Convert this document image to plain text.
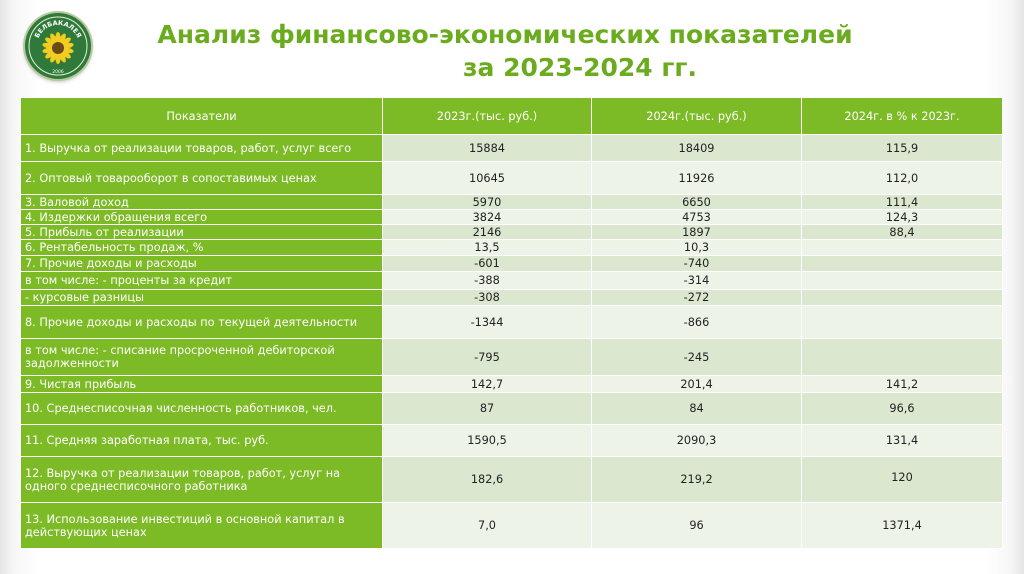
БЕЛБАКАЛЕЯ
2006
Анализ финансово-экономических показателей
за 2023-2024 гг.
Показатели	2023г.(тыс. руб.)	2024г.(тыс. руб.)	2024г. в % к 2023г.
1. Выручка от реализации товаров, работ, услуг всего	15884	18409	115,9
2. Оптовый товарооборот в сопоставимых ценах	10645	11926	112,0
3. Валовой доход	5970	6650	111,4
4. Издержки обращения всего	3824	4753	124,3
5. Прибыль от реализации	2146	1897	88,4
6. Рентабельность продаж, %	13,5	10,3	
7. Прочие доходы и расходы	-601	-740	
в том числе: - проценты за кредит	-388	-314	
- курсовые разницы	-308	-272	
8. Прочие доходы и расходы по текущей деятельности	-1344	-866	
в том числе: - списание просроченной дебиторской задолженности	-795	-245	
9. Чистая прибыль	142,7	201,4	141,2
10. Среднесписочная численность работников, чел.	87	84	96,6
11. Средняя заработная плата, тыс. руб.	1590,5	2090,3	131,4
12. Выручка от реализации товаров, работ, услуг на одного среднесписочного работника	182,6	219,2	120
13. Использование инвестиций в основной капитал в действующих ценах	7,0	96	1371,4
